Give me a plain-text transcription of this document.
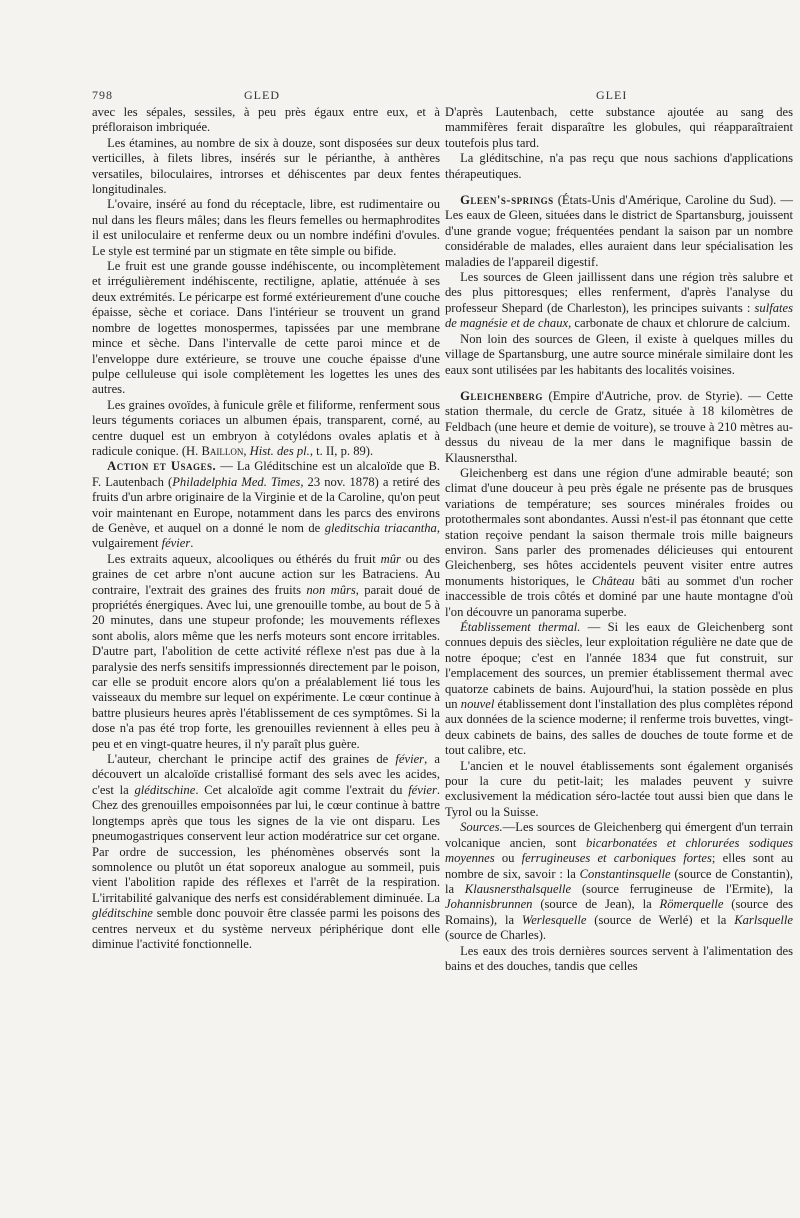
798	GLED	GLEI

avec les sépales, sessiles, à peu près égaux entre eux, et à préfloraison imbriquée.

Les étamines, au nombre de six à douze, sont disposées sur deux verticilles, à filets libres, insérés sur le périanthe, à anthères versatiles, biloculaires, introrses et déhiscentes par deux fentes longitudinales.

L'ovaire, inséré au fond du réceptacle, libre, est rudimentaire ou nul dans les fleurs mâles; dans les fleurs femelles ou hermaphrodites il est uniloculaire et renferme deux ou un nombre indéfini d'ovules. Le style est terminé par un stigmate en tête simple ou bifide.

Le fruit est une grande gousse indéhiscente, ou incomplètement et irrégulièrement indéhiscente, rectiligne, aplatie, atténuée à ses deux extrémités. Le péricarpe est formé extérieurement d'une couche épaisse, sèche et coriace. Dans l'intérieur se trouvent un grand nombre de logettes monospermes, tapissées par une membrane mince et sèche. Dans l'intervalle de cette paroi mince et de l'enveloppe dure extérieure, se trouve une couche épaisse d'une pulpe celluleuse qui isole complètement les logettes les unes des autres.

Les graines ovoïdes, à funicule grêle et filiforme, renferment sous leurs téguments coriaces un albumen épais, transparent, corné, au centre duquel est un embryon à cotylédons ovales aplatis et à radicule conique. (H. Baillon, Hist. des pl., t. II, p. 89).

Action et Usages. — La Gléditschine est un alcaloïde que B. F. Lautenbach (Philadelphia Med. Times, 23 nov. 1878) a retiré des fruits d'un arbre originaire de la Virginie et de la Caroline, qu'on peut voir maintenant en Europe, notamment dans les parcs des environs de Genève, et auquel on a donné le nom de gleditschia triacantha, vulgairement févier.

Les extraits aqueux, alcooliques ou éthérés du fruit mûr ou des graines de cet arbre n'ont aucune action sur les Batraciens. Au contraire, l'extrait des graines des fruits non mûrs, parait doué de propriétés énergiques. Avec lui, une grenouille tombe, au bout de 5 à 20 minutes, dans une stupeur profonde; les mouvements réflexes sont abolis, alors même que les nerfs moteurs sont encore irritables. D'autre part, l'abolition de cette activité réflexe n'est pas due à la paralysie des nerfs sensitifs impressionnés directement par le poison, car elle se produit encore alors qu'on a préalablement lié tous les vaisseaux du membre sur lequel on expérimente. Le cœur continue à battre plusieurs heures après l'établissement de ces symptômes. Si la dose n'a pas été trop forte, les grenouilles reviennent à elles peu à peu et en vingt-quatre heures, il n'y paraît plus guère.

L'auteur, cherchant le principe actif des graines de févier, a découvert un alcaloïde cristallisé formant des sels avec les acides, c'est la gléditschine. Cet alcaloïde agit comme l'extrait du févier. Chez des grenouilles empoisonnées par lui, le cœur continue à battre longtemps après que tous les signes de la vie ont disparu. Les pneumogastriques conservent leur action modératrice sur cet organe. Par ordre de succession, les phénomènes observés sont la somnolence ou plutôt un état soporeux analogue au sommeil, puis vient l'abolition rapide des réflexes et l'arrêt de la respiration. L'irritabilité galvanique des nerfs est considérablement diminuée. La gléditschine semble donc pouvoir être classée parmi les poisons des centres nerveux et du système nerveux périphérique dont elle diminue l'activité fonctionnelle.

D'après Lautenbach, cette substance ajoutée au sang des mammifères ferait disparaître les globules, qui réapparaîtraient toutefois plus tard.

La gléditschine, n'a pas reçu que nous sachions d'applications thérapeutiques.

Gleen's-springs (États-Unis d'Amérique, Caroline du Sud). — Les eaux de Gleen, situées dans le district de Spartansburg, jouissent d'une grande vogue; fréquentées pendant la saison par un nombre considérable de malades, elles auraient dans leur spécialisation les maladies de l'appareil digestif.

Les sources de Gleen jaillissent dans une région très salubre et des plus pittoresques; elles renferment, d'après l'analyse du professeur Shepard (de Charleston), les principes suivants : sulfates de magnésie et de chaux, carbonate de chaux et chlorure de calcium.

Non loin des sources de Gleen, il existe à quelques milles du village de Spartansburg, une autre source minérale similaire dont les eaux sont utilisées par les habitants des localités voisines.

Gleichenberg (Empire d'Autriche, prov. de Styrie). — Cette station thermale, du cercle de Gratz, située à 18 kilomètres de Feldbach (une heure et demie de voiture), se trouve à 210 mètres au-dessus du niveau de la mer dans le magnifique bassin de Klausnersthal.

Gleichenberg est dans une région d'une admirable beauté; son climat d'une douceur à peu près égale ne présente pas de brusques variations de température; ses sources minérales froides ou protothermales sont abondantes. Aussi n'est-il pas étonnant que cette station reçoive pendant la saison thermale trois mille baigneurs environ. Sans parler des promenades délicieuses qui entourent Gleichenberg, ses hôtes accidentels peuvent visiter entre autres monuments historiques, le Château bâti au sommet d'un rocher inaccessible de trois côtés et dominé par une haute montagne d'où l'on découvre un panorama superbe.

Établissement thermal. — Si les eaux de Gleichenberg sont connues depuis des siècles, leur exploitation régulière ne date que de notre époque; c'est en l'année 1834 que fut construit, sur l'emplacement des sources, un premier établissement thermal avec quatorze cabinets de bains. Aujourd'hui, la station possède en plus un nouvel établissement dont l'installation des plus complètes répond aux données de la science moderne; il renferme trois buvettes, vingt-deux cabinets de bains, des salles de douches de toute forme et de tout calibre, etc.

L'ancien et le nouvel établissements sont également organisés pour la cure du petit-lait; les malades peuvent y suivre exclusivement la médication séro-lactée tout aussi bien que dans le Tyrol ou la Suisse.

Sources.—Les sources de Gleichenberg qui émergent d'un terrain volcanique ancien, sont bicarbonatées et chlorurées sodiques moyennes ou ferrugineuses et carboniques fortes; elles sont au nombre de six, savoir : la Constantinsquelle (source de Constantin), la Klausnersthalsquelle (source ferrugineuse de l'Ermite), la Johannisbrunnen (source de Jean), la Römerquelle (source des Romains), la Werlesquelle (source de Werlé) et la Karlsquelle (source de Charles).

Les eaux des trois dernières sources servent à l'alimentation des bains et des douches, tandis que celles
